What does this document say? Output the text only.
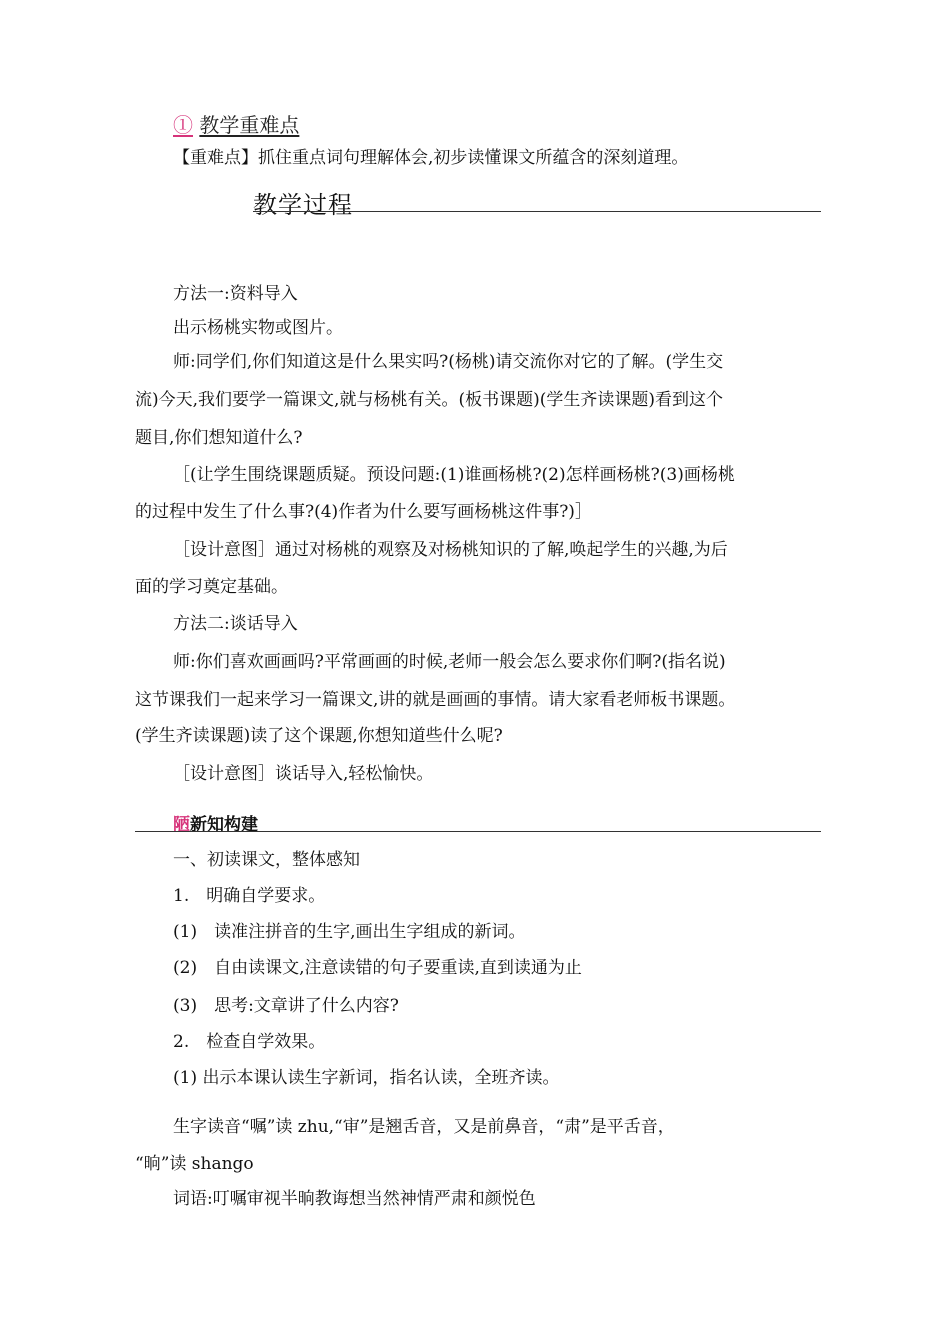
① 教学重难点
【重难点】抓住重点词句理解体会,初步读懂课文所蕴含的深刻道理。
教学过程
方法一:资料导入
出示杨桃实物或图片。
师:同学们,你们知道这是什么果实吗?(杨桃)请交流你对它的了解。(学生交
流)今天,我们要学一篇课文,就与杨桃有关。(板书课题)(学生齐读课题)看到这个
题目,你们想知道什么?
［(让学生围绕课题质疑。预设问题:(1)谁画杨桃?(2)怎样画杨桃?(3)画杨桃
的过程中发生了什么事?(4)作者为什么要写画杨桃这件事?)］
［设计意图］通过对杨桃的观察及对杨桃知识的了解,唤起学生的兴趣,为后
面的学习奠定基础。
方法二:谈话导入
师:你们喜欢画画吗?平常画画的时候,老师一般会怎么要求你们啊?(指名说)
这节课我们一起来学习一篇课文,讲的就是画画的事情。请大家看老师板书课题。
(学生齐读课题)读了这个课题,你想知道些什么呢?
［设计意图］谈话导入,轻松愉快。
陋新知构建
一、初读课文，整体感知
1.　明确自学要求。
(1)　读准注拼音的生字,画出生字组成的新词。
(2)　自由读课文,注意读错的句子要重读,直到读通为止
(3)　思考:文章讲了什么内容?
2.　检查自学效果。
(1) 出示本课认读生字新词，指名认读，全班齐读。
生字读音“嘱”读 zhu,“审”是翘舌音，又是前鼻音，“肃”是平舌音，
“晌”读 shango
词语:叮嘱审视半晌教诲想当然神情严肃和颜悦色
